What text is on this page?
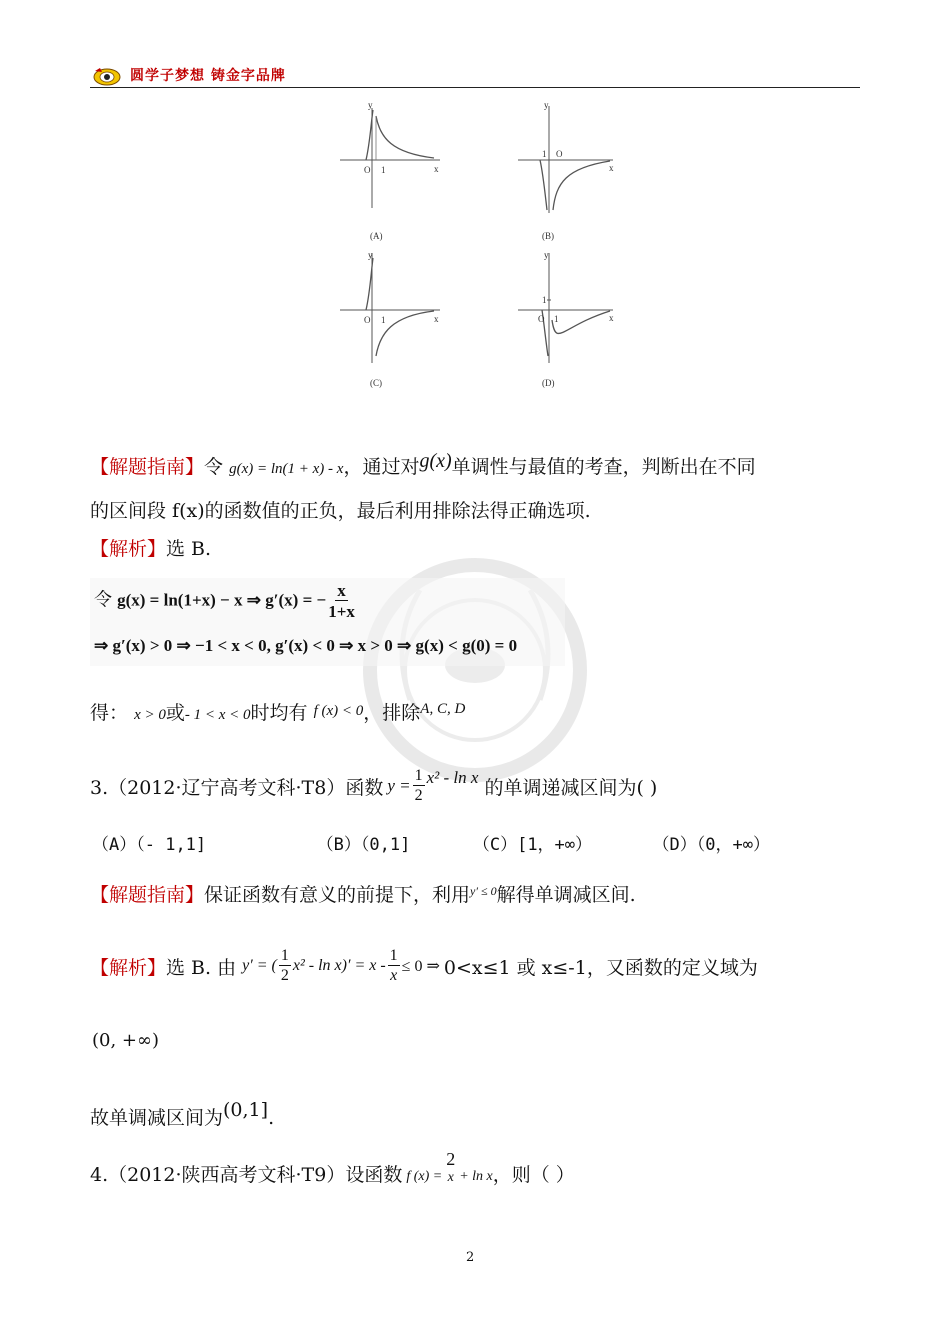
圆学子梦想 铸金字品牌
y
x
O 1
(A)
y
x
O
1
(B)
y
x
O 1
(C)
y
x
O 1
1
(D)
【解题指南】令 g(x) = ln(1 + x) - x，通过对g(x)单调性与最值的考查，判断出在不同
的区间段 f(x)的函数值的正负，最后利用排除法得正确选项.
【解析】选 B.
令 g(x) = ln(1+x) − x ⇒ g′(x) = − $\frac{x}{1+x}$
⇒ g′(x) > 0 ⇒ −1 < x < 0, g′(x) < 0 ⇒ x > 0 ⇒ g(x) < g(0) = 0
得： x > 0或- 1 < x < 0时均有 $^{f (x) < 0}$，排除$^{A, C, D}$
3.（2012·辽宁高考文科·T8）函数 $y = \frac{1}{2} x^2 - \ln x$ 的单调递减区间为( )
（A）（- 1,1]	（B）（0,1]	（C）[1，+∞）	（D）（0，+∞）
【解题指南】保证函数有意义的前提下，利用$^{y' \le 0}$解得单调减区间.
【解析】 选 B. 由 y′ = ( $\frac{1}{2} x^2 - \ln x)' = x - \frac{1}{x} \le 0$ ⇒ 0<x≤1 或 x≤-1，又函数的定义域为
(0, +∞)
故单调减区间为(0,1].
4.（2012·陕西高考文科·T9）设函数 f (x) =
2
x + ln x ，则（ ）
2
